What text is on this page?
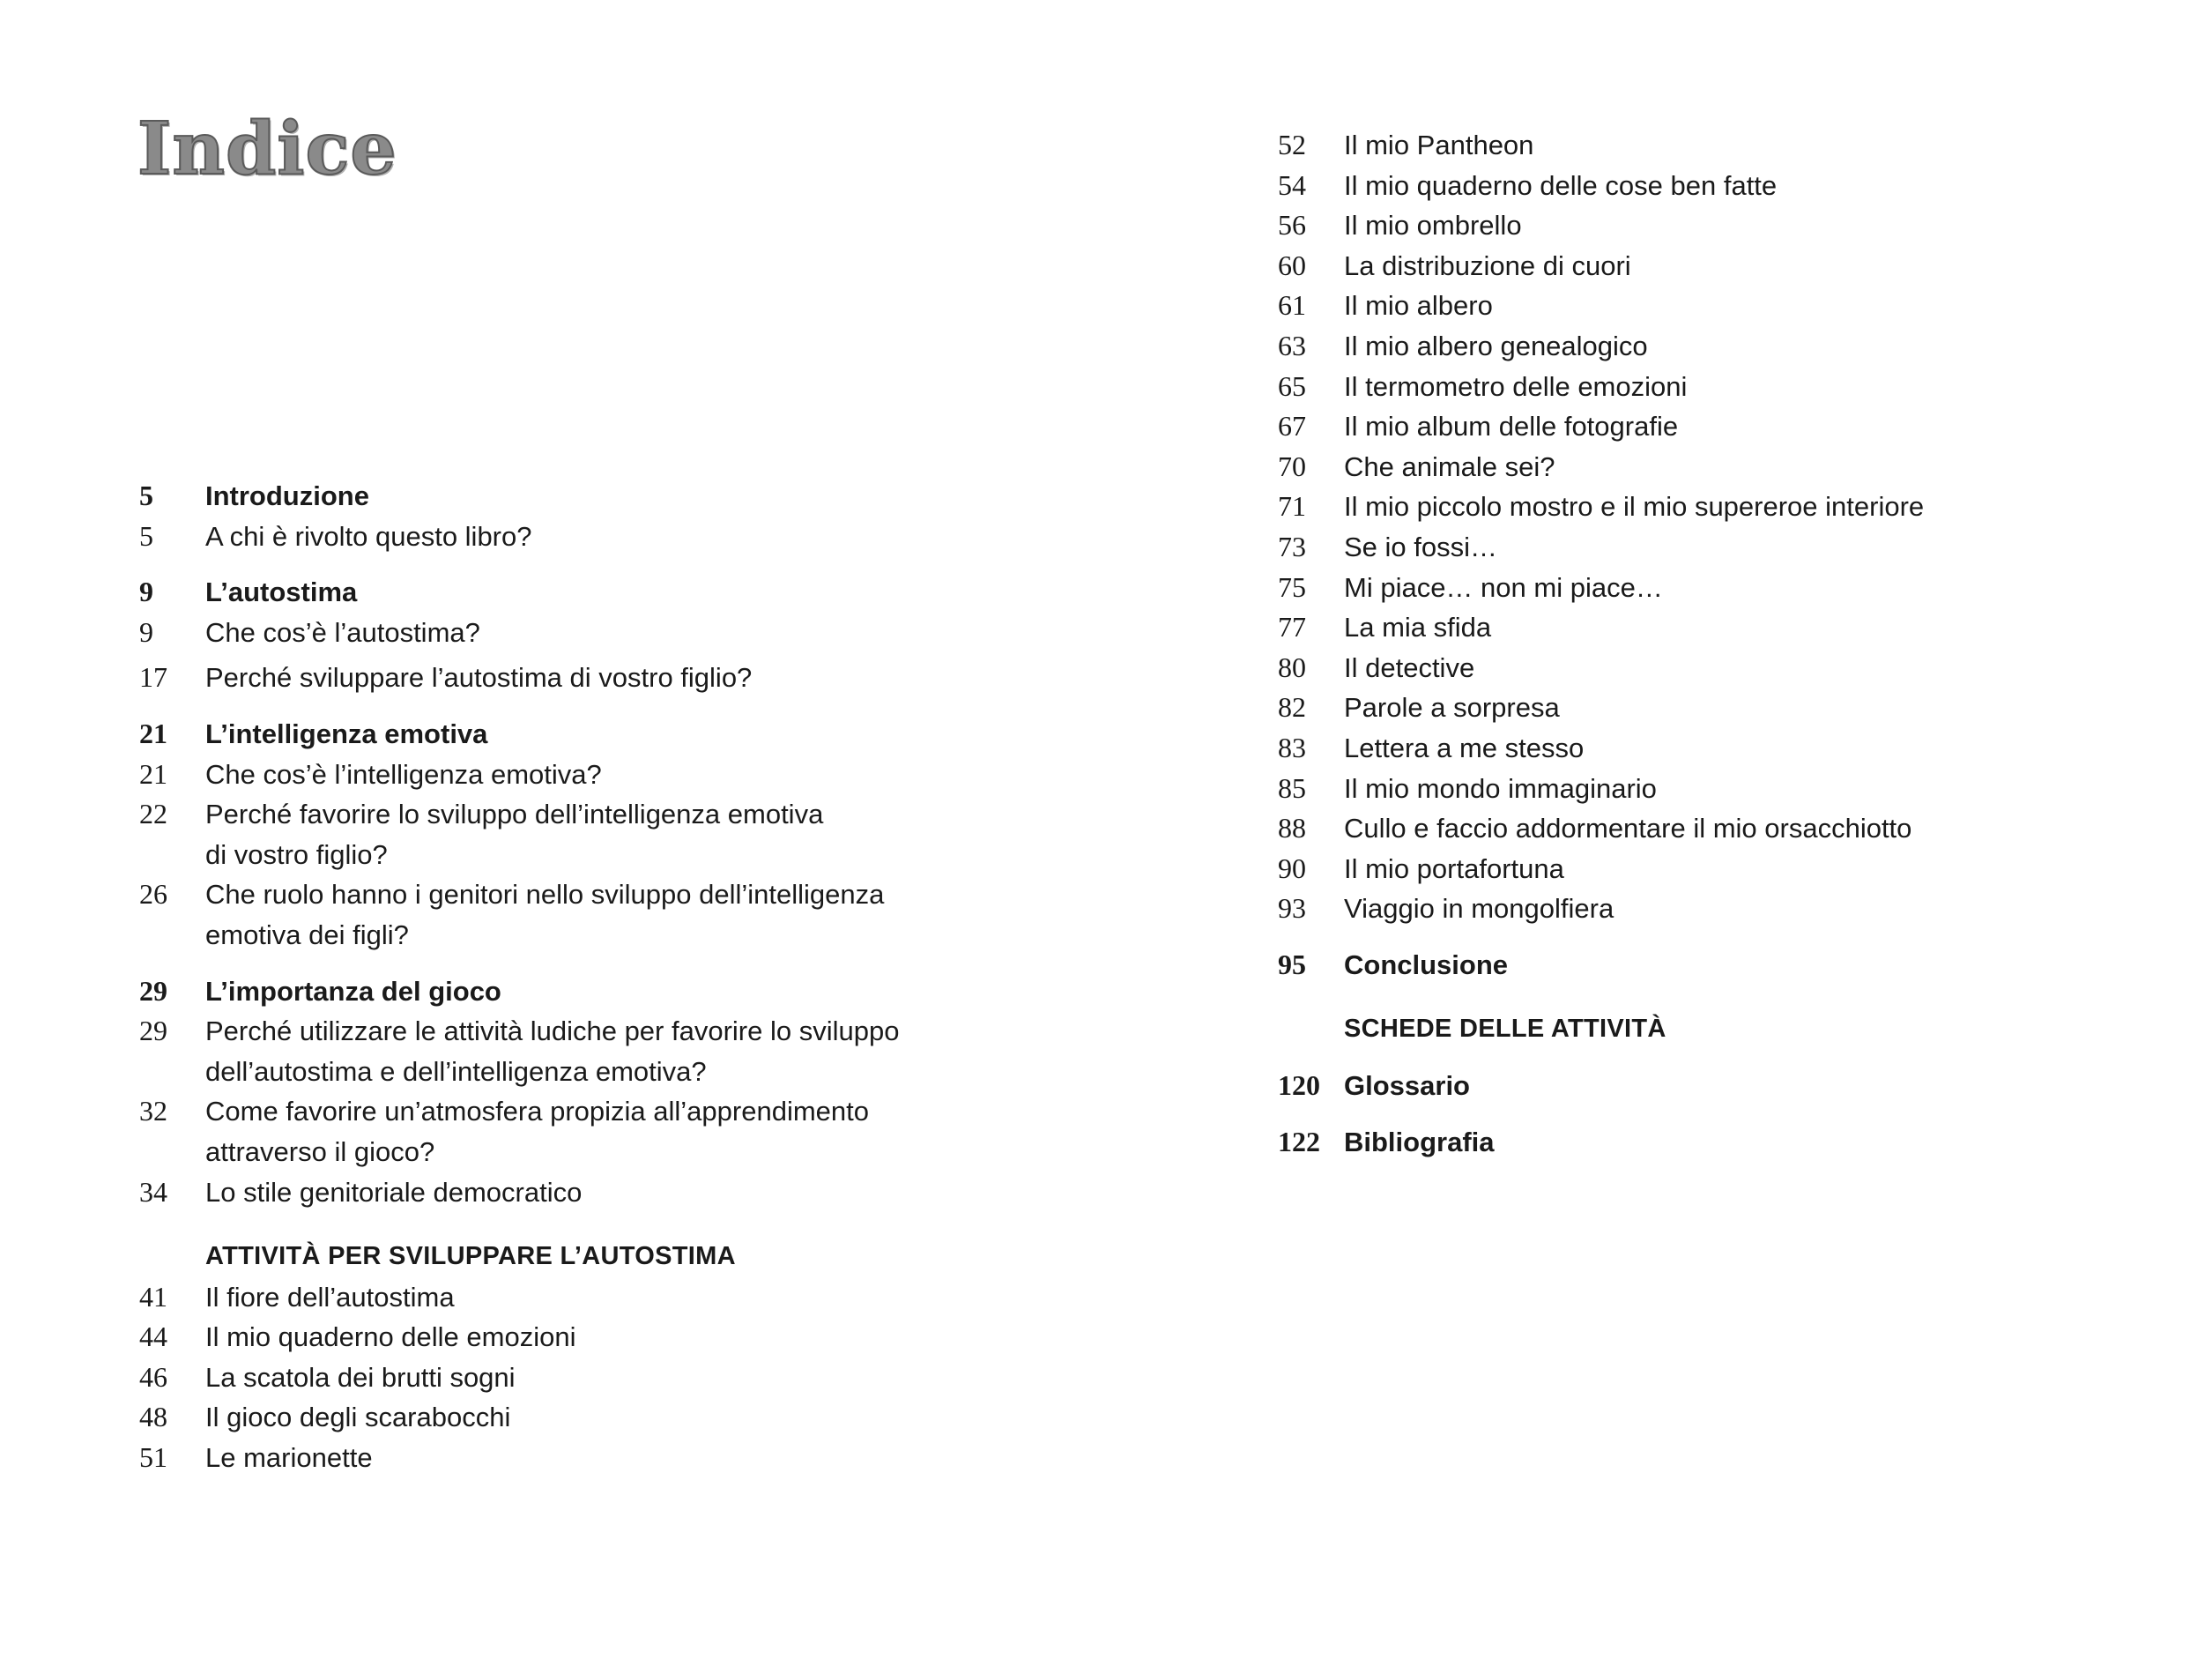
Indice
5	Introduzione
5	A chi è rivolto questo libro?
9	L’autostima
9	Che cos’è l’autostima?
17	Perché sviluppare l’autostima di vostro figlio?
21	L’intelligenza emotiva
21	Che cos’è l’intelligenza emotiva?
22	Perché favorire lo sviluppo dell’intelligenza emotiva
di vostro figlio?
26	Che ruolo hanno i genitori nello sviluppo dell’intelligenza
emotiva dei figli?
29	L’importanza del gioco
29	Perché utilizzare le attività ludiche per favorire lo sviluppo
dell’autostima e dell’intelligenza emotiva?
32	Come favorire un’atmosfera propizia all’apprendimento
attraverso il gioco?
34	Lo stile genitoriale democratico
ATTIVITÀ PER SVILUPPARE L’AUTOSTIMA
41	Il fiore dell’autostima
44	Il mio quaderno delle emozioni
46	La scatola dei brutti sogni
48	Il gioco degli scarabocchi
51	Le marionette
52	Il mio Pantheon
54	Il mio quaderno delle cose ben fatte
56	Il mio ombrello
60	La distribuzione di cuori
61	Il mio albero
63	Il mio albero genealogico
65	Il termometro delle emozioni
67	Il mio album delle fotografie
70	Che animale sei?
71	Il mio piccolo mostro e il mio supereroe interiore
73	Se io fossi…
75	Mi piace… non mi piace…
77	La mia sfida
80	Il detective
82	Parole a sorpresa
83	Lettera a me stesso
85	Il mio mondo immaginario
88	Cullo e faccio addormentare il mio orsacchiotto
90	Il mio portafortuna
93	Viaggio in mongolfiera
95	Conclusione
SCHEDE DELLE ATTIVITÀ
120 Glossario
122 Bibliografia
